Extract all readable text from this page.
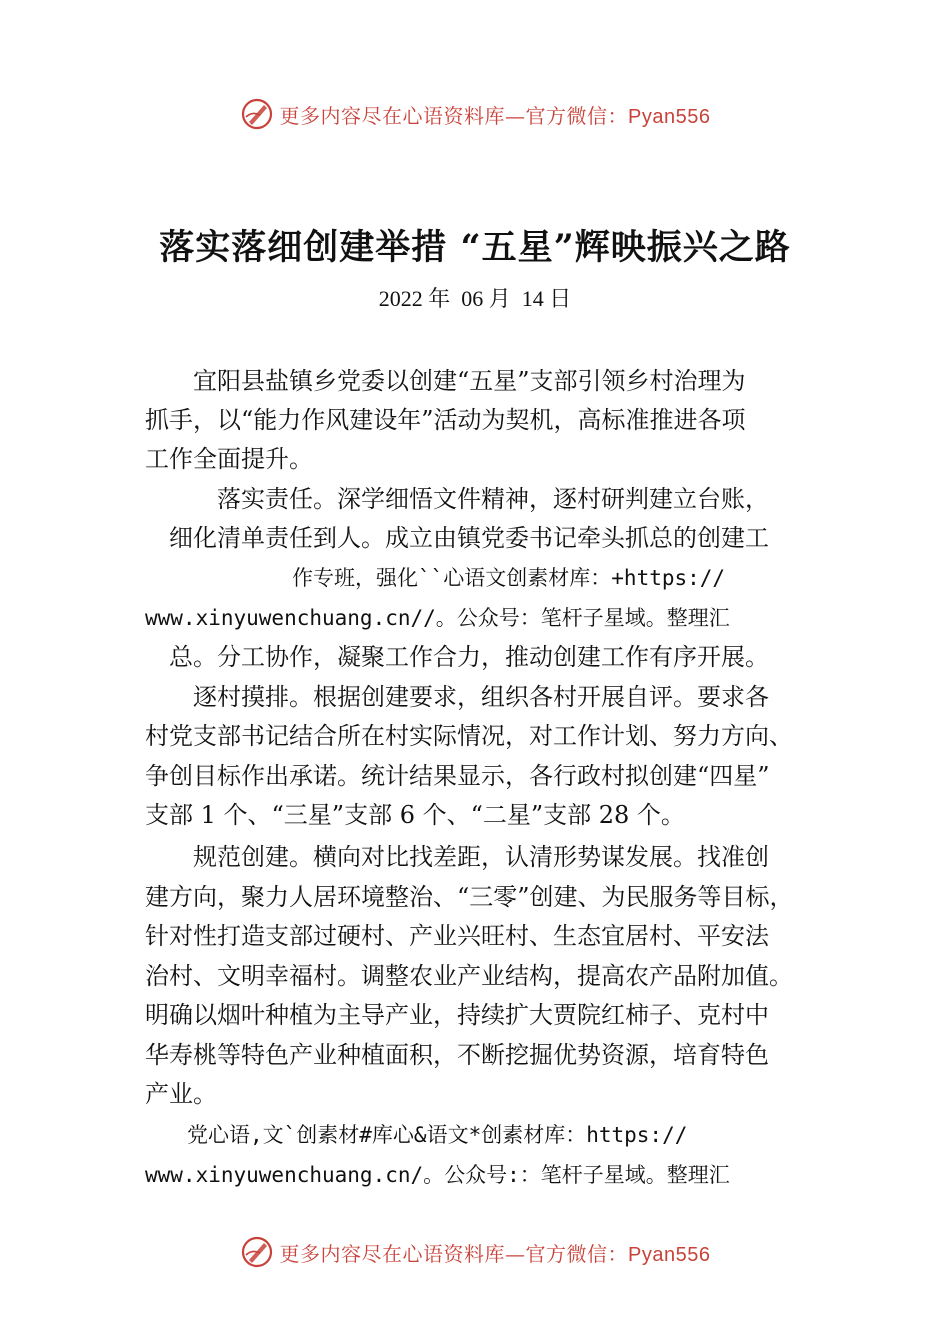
更多内容尽在心语资料库—官方微信：Pyan556
落实落细创建举措 “五星”辉映振兴之路
2022 年  06 月  14 日
　　宜阳县盐镇乡党委以创建“五星”支部引领乡村治理为
抓手，以“能力作风建设年”活动为契机，高标准推进各项
工作全面提升。
　　　落实责任。深学细悟文件精神，逐村研判建立台账，
　细化清单责任到人。成立由镇党委书记牵头抓总的创建工
　　　　　　　作专班，强化``心语文创素材库：+https://
www.xinyuwenchuang.cn//。公众号：笔杆子星域。整理汇
　总。分工协作，凝聚工作合力，推动创建工作有序开展。
　　逐村摸排。根据创建要求，组织各村开展自评。要求各
村党支部书记结合所在村实际情况，对工作计划、努力方向、
争创目标作出承诺。统计结果显示，各行政村拟创建“四星”
支部 1 个、“三星”支部 6 个、“二星”支部 28 个。
　　规范创建。横向对比找差距，认清形势谋发展。找准创
建方向，聚力人居环境整治、“三零”创建、为民服务等目标，
针对性打造支部过硬村、产业兴旺村、生态宜居村、平安法
治村、文明幸福村。调整农业产业结构，提高农产品附加值。
明确以烟叶种植为主导产业，持续扩大贾院红柿子、克村中
华寿桃等特色产业种植面积，不断挖掘优势资源，培育特色
产业。
　　党心语,文`创素材#库心&语文*创素材库：https://
www.xinyuwenchuang.cn/。公众号:：笔杆子星域。整理汇
更多内容尽在心语资料库—官方微信：Pyan556
